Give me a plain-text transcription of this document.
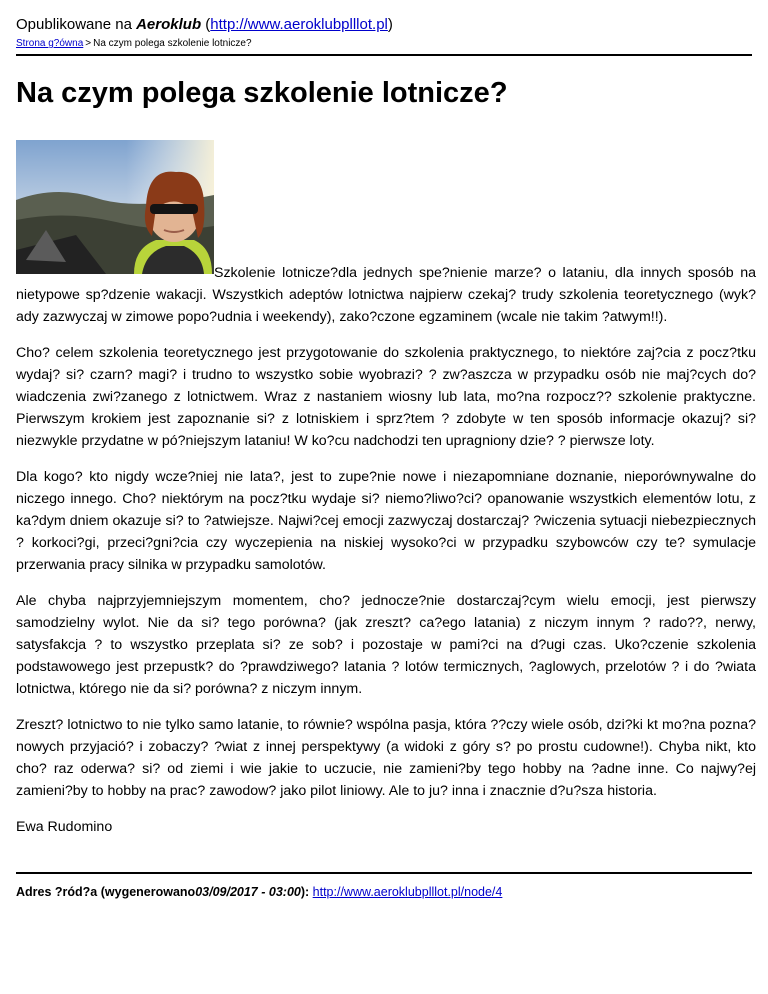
Opublikowane na Aeroklub (http://www.aeroklubplllot.pl)
Strona g?ówna > Na czym polega szkolenie lotnicze?
Na czym polega szkolenie lotnicze?

Szkolenie lotnicze?dla jednych spe?nienie marze? o lataniu, dla innych sposób na nietypowe sp?dzenie wakacji. Wszystkich adeptów lotnictwa najpierw czekaj? trudy szkolenia teoretycznego (wyk?ady zazwyczaj w zimowe popo?udnia i weekendy), zako?czone egzaminem (wcale nie takim ?atwym!!).

Cho? celem szkolenia teoretycznego jest przygotowanie do szkolenia praktycznego, to niektóre zaj?cia z pocz?tku wydaj? si? czarn? magi? i trudno to wszystko sobie wyobrazi? ? zw?aszcza w przypadku osób nie maj?cych do?wiadczenia zwi?zanego z lotnictwem. Wraz z nastaniem wiosny lub lata, mo?na rozpocz?? szkolenie praktyczne. Pierwszym krokiem jest zapoznanie si? z lotniskiem i sprz?tem ? zdobyte w ten sposób informacje okazuj? si? niezwykle przydatne w pó?niejszym lataniu! W ko?cu nadchodzi ten upragniony dzie? ? pierwsze loty.

Dla kogo? kto nigdy wcze?niej nie lata?, jest to zupe?nie nowe i niezapomniane doznanie, nieporównywalne do niczego innego. Cho? niektórym na pocz?tku wydaje si? niemo?liwo?ci? opanowanie wszystkich elementów lotu, z ka?dym dniem okazuje si? to ?atwiejsze. Najwi?cej emocji zazwyczaj dostarczaj? ?wiczenia sytuacji niebezpiecznych ? korkoci?gi, przeci?gni?cia czy wyczepienia na niskiej wysoko?ci w przypadku szybowców czy te? symulacje przerwania pracy silnika w przypadku samolotów.

Ale chyba najprzyjemniejszym momentem, cho? jednocze?nie dostarczaj?cym wielu emocji, jest pierwszy samodzielny wylot. Nie da si? tego porówna? (jak zreszt? ca?ego latania) z niczym innym ? rado??, nerwy, satysfakcja ? to wszystko przeplata si? ze sob? i pozostaje w pami?ci na d?ugi czas. Uko?czenie szkolenia podstawowego jest przepustk? do ?prawdziwego? latania ? lotów termicznych, ?aglowych, przelotów ? i do ?wiata lotnictwa, którego nie da si? porówna? z niczym innym.

Zreszt? lotnictwo to nie tylko samo latanie, to równie? wspólna pasja, która ??czy wiele osób, dzi?ki kt mo?na pozna? nowych przyjació? i zobaczy? ?wiat z innej perspektywy (a widoki z góry s? po prostu cudowne!). Chyba nikt, kto cho? raz oderwa? si? od ziemi i wie jakie to uczucie, nie zamieni?by tego hobby na ?adne inne. Co najwy?ej zamieni?by to hobby na prac? zawodow? jako pilot liniowy. Ale to ju? inna i znacznie d?u?sza historia.

Ewa Rudomino

Adres ?ród?a (wygenerowano03/09/2017 - 03:00): http://www.aeroklubplllot.pl/node/4
